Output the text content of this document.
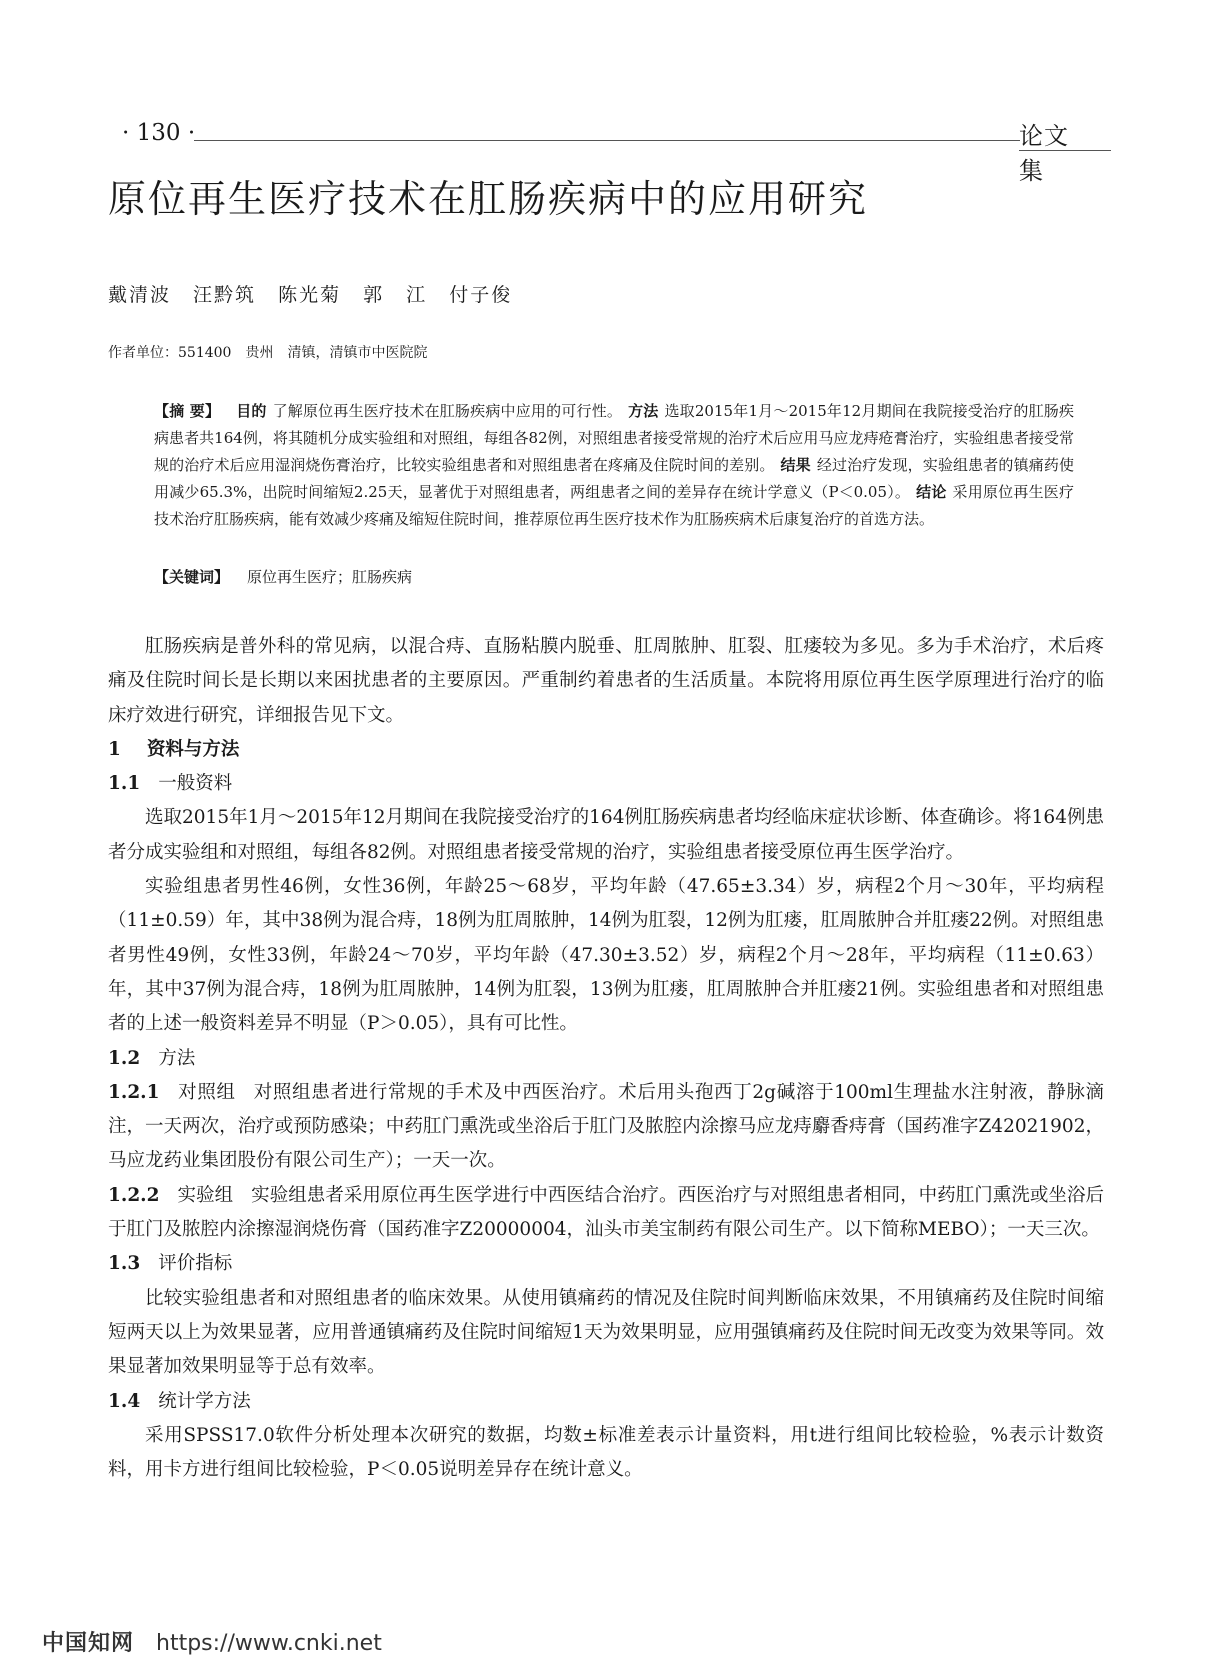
· 130 ·	论文集
原位再生医疗技术在肛肠疾病中的应用研究
戴清波 汪黔筑 陈光菊 郭 江 付子俊
作者单位：551400　贵州　清镇，清镇市中医院院
【摘 要】 目的 了解原位再生医疗技术在肛肠疾病中应用的可行性。 方法 选取2015年1月～2015年12月期间在我院接受治疗的肛肠疾病患者共164例，将其随机分成实验组和对照组，每组各82例，对照组患者接受常规的治疗术后应用马应龙痔疮膏治疗，实验组患者接受常规的治疗术后应用湿润烧伤膏治疗，比较实验组患者和对照组患者在疼痛及住院时间的差别。 结果 经过治疗发现，实验组患者的镇痛药使用减少65.3%，出院时间缩短2.25天，显著优于对照组患者，两组患者之间的差异存在统计学意义（P＜0.05）。 结论 采用原位再生医疗技术治疗肛肠疾病，能有效减少疼痛及缩短住院时间，推荐原位再生医疗技术作为肛肠疾病术后康复治疗的首选方法。
【关键词】 原位再生医疗；肛肠疾病

肛肠疾病是普外科的常见病，以混合痔、直肠粘膜内脱垂、肛周脓肿、肛裂、肛瘘较为多见。多为手术治疗，术后疼痛及住院时间长是长期以来困扰患者的主要原因。严重制约着患者的生活质量。本院将用原位再生医学原理进行治疗的临床疗效进行研究，详细报告见下文。

1 资料与方法
1.1 一般资料

选取2015年1月～2015年12月期间在我院接受治疗的164例肛肠疾病患者均经临床症状诊断、体查确诊。将164例患者分成实验组和对照组，每组各82例。对照组患者接受常规的治疗，实验组患者接受原位再生医学治疗。

实验组患者男性46例，女性36例，年龄25～68岁，平均年龄（47.65±3.34）岁，病程2个月～30年，平均病程（11±0.59）年，其中38例为混合痔，18例为肛周脓肿，14例为肛裂，12例为肛瘘，肛周脓肿合并肛瘘22例。对照组患者男性49例，女性33例，年龄24～70岁，平均年龄（47.30±3.52）岁，病程2个月～28年，平均病程（11±0.63）年，其中37例为混合痔，18例为肛周脓肿，14例为肛裂，13例为肛瘘，肛周脓肿合并肛瘘21例。实验组患者和对照组患者的上述一般资料差异不明显（P＞0.05），具有可比性。

1.2 方法

1.2.1 对照组 对照组患者进行常规的手术及中西医治疗。术后用头孢西丁2g碱溶于100ml生理盐水注射液，静脉滴注，一天两次，治疗或预防感染；中药肛门熏洗或坐浴后于肛门及脓腔内涂擦马应龙痔麝香痔膏（国药准字Z42021902，马应龙药业集团股份有限公司生产）；一天一次。

1.2.2 实验组 实验组患者采用原位再生医学进行中西医结合治疗。西医治疗与对照组患者相同，中药肛门熏洗或坐浴后于肛门及脓腔内涂擦湿润烧伤膏（国药准字Z20000004，汕头市美宝制药有限公司生产。以下简称MEBO）；一天三次。

1.3 评价指标

比较实验组患者和对照组患者的临床效果。从使用镇痛药的情况及住院时间判断临床效果，不用镇痛药及住院时间缩短两天以上为效果显著，应用普通镇痛药及住院时间缩短1天为效果明显，应用强镇痛药及住院时间无改变为效果等同。效果显著加效果明显等于总有效率。

1.4 统计学方法

采用SPSS17.0软件分析处理本次研究的数据，均数±标准差表示计量资料，用t进行组间比较检验，%表示计数资料，用卡方进行组间比较检验，P＜0.05说明差异存在统计意义。

中国知网 https://www.cnki.net
